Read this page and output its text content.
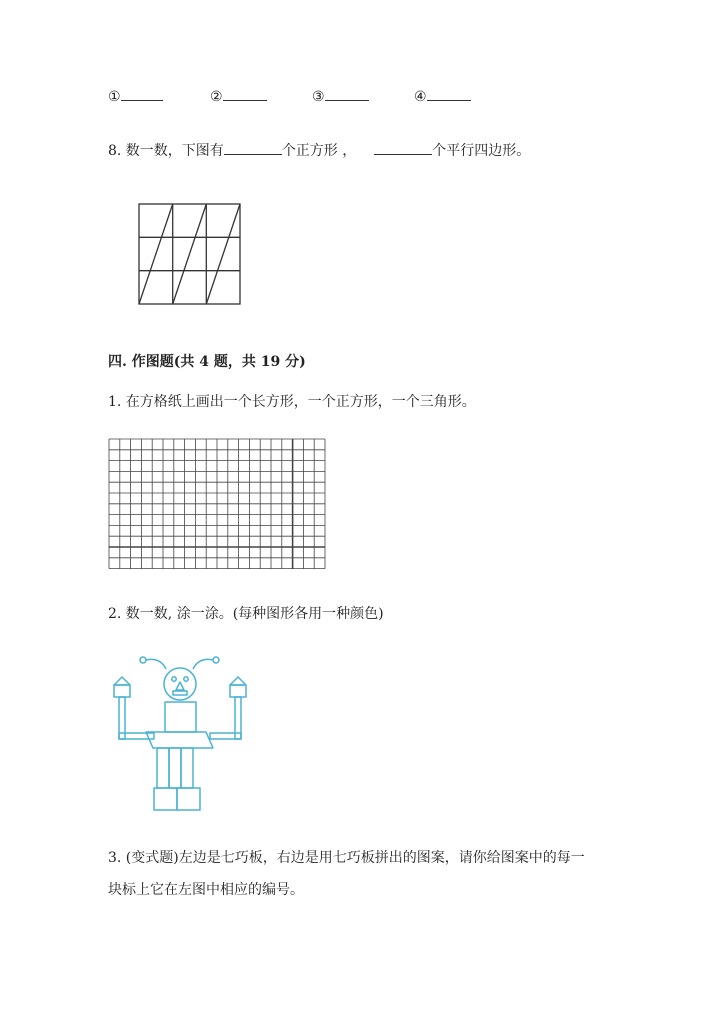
①	②	③	④
8. 数一数，下图有	个正方形 ，	个平行四边形。
四. 作图题(共 4 题，共 19 分)
1. 在方格纸上画出一个长方形，一个正方形，一个三角形。
2. 数一数, 涂一涂。(每种图形各用一种颜色)
3. (变式题)左边是七巧板，右边是用七巧板拼出的图案，请你给图案中的每一
块标上它在左图中相应的编号。
